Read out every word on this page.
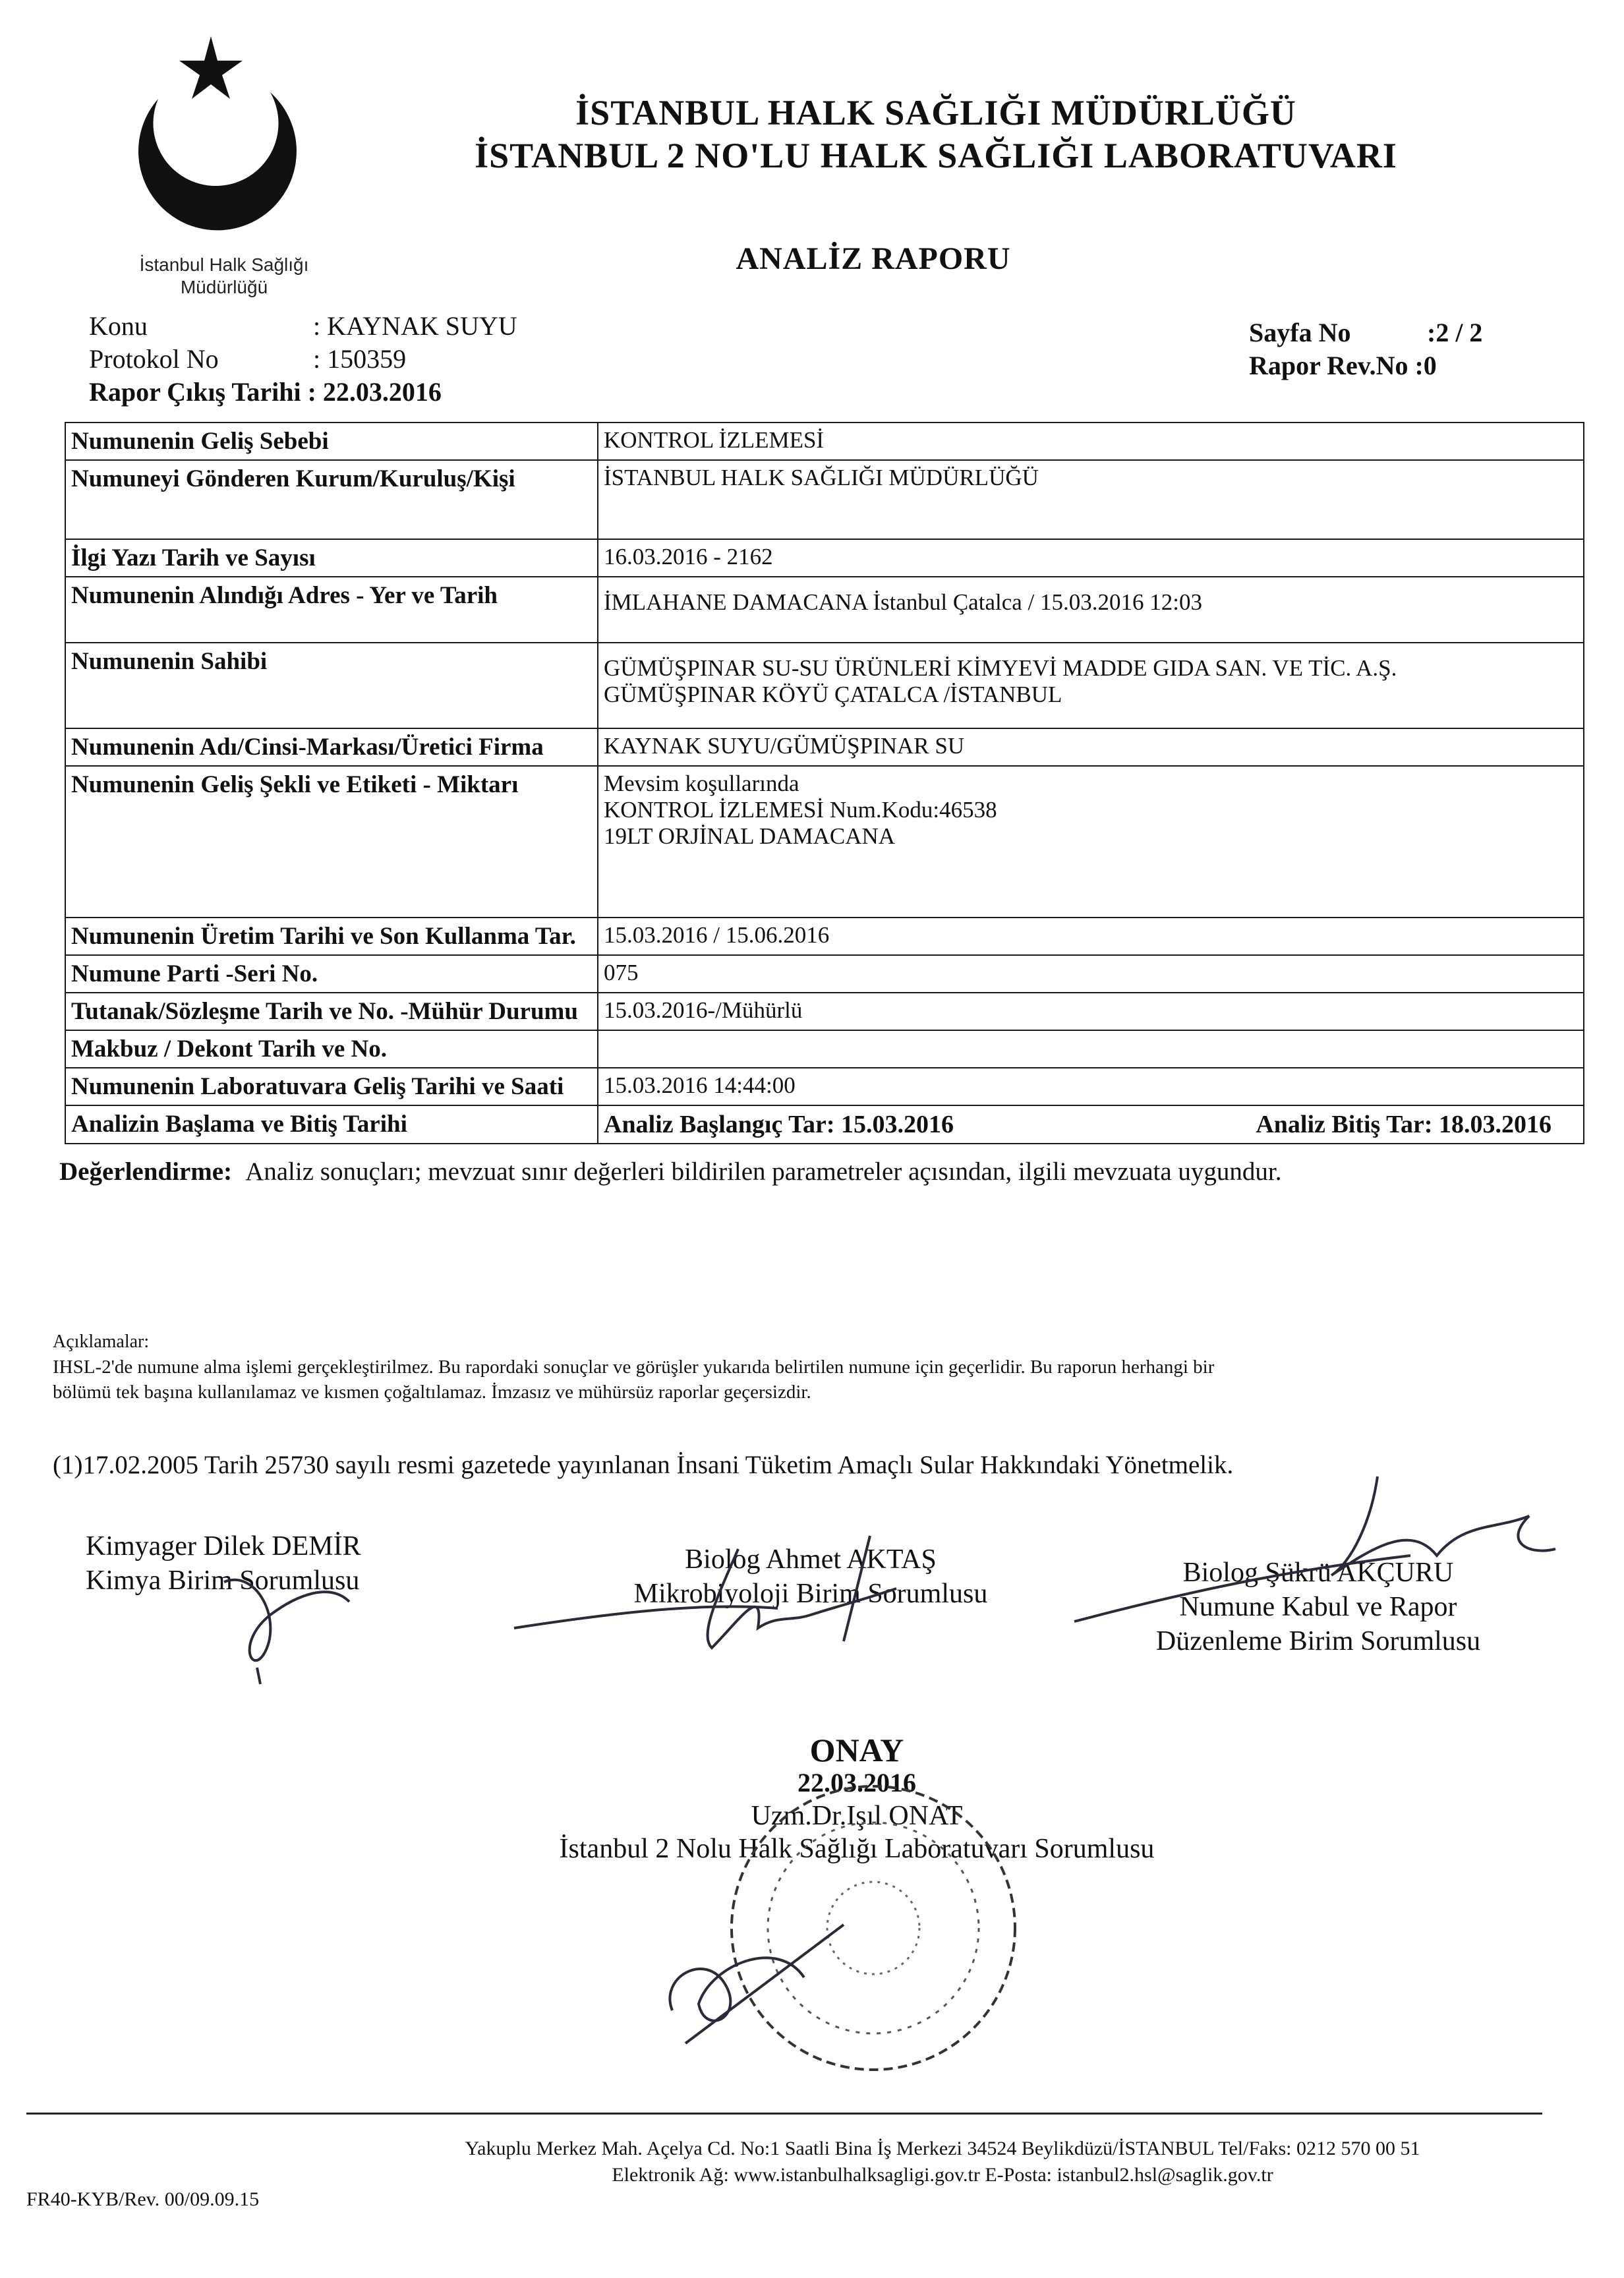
İstanbul Halk Sağlığı
Müdürlüğü
İSTANBUL HALK SAĞLIĞI MÜDÜRLÜĞÜ
İSTANBUL 2 NO'LU HALK SAĞLIĞI LABORATUVARI
ANALİZ RAPORU
Konu	: KAYNAK SUYU
Protokol No	: 150359
Rapor Çıkış Tarihi : 22.03.2016
Sayfa No	:2 / 2
Rapor Rev.No :0
Numunenin Geliş Sebebi	KONTROL İZLEMESİ
Numuneyi Gönderen Kurum/Kuruluş/Kişi	İSTANBUL HALK SAĞLIĞI MÜDÜRLÜĞÜ
İlgi Yazı Tarih ve Sayısı	16.03.2016 - 2162
Numunenin Alındığı Adres - Yer ve Tarih	İMLAHANE DAMACANA İstanbul Çatalca / 15.03.2016 12:03
Numunenin Sahibi	GÜMÜŞPINAR SU-SU ÜRÜNLERİ KİMYEVİ MADDE GIDA SAN. VE TİC. A.Ş.
GÜMÜŞPINAR KÖYÜ ÇATALCA /İSTANBUL

Numunenin Adı/Cinsi-Markası/Üretici Firma	KAYNAK SUYU/GÜMÜŞPINAR SU
Numunenin Geliş Şekli ve Etiketi - Miktarı	Mevsim koşullarında
KONTROL İZLEMESİ Num.Kodu:46538
19LT ORJİNAL DAMACANA

Numunenin Üretim Tarihi ve Son Kullanma Tar.	15.03.2016 / 15.06.2016
Numune Parti -Seri No.	075
Tutanak/Sözleşme Tarih ve No. -Mühür Durumu	15.03.2016-/Mühürlü
Makbuz / Dekont Tarih ve No.	
Numunenin Laboratuvara Geliş Tarihi ve Saati	15.03.2016 14:44:00
Analizin Başlama ve Bitiş Tarihi	Analiz Başlangıç Tar: 15.03.2016 Analiz Bitiş Tar: 18.03.2016
Değerlendirme: Analiz sonuçları; mevzuat sınır değerleri bildirilen parametreler açısından, ilgili mevzuata uygundur.
Açıklamalar:
IHSL-2'de numune alma işlemi gerçekleştirilmez. Bu rapordaki sonuçlar ve görüşler yukarıda belirtilen numune için geçerlidir. Bu raporun herhangi bir
bölümü tek başına kullanılamaz ve kısmen çoğaltılamaz. İmzasız ve mühürsüz raporlar geçersizdir.
(1)17.02.2005 Tarih 25730 sayılı resmi gazetede yayınlanan İnsani Tüketim Amaçlı Sular Hakkındaki Yönetmelik.
Kimyager Dilek DEMİR
Kimya Birim Sorumlusu
Biolog Ahmet AKTAŞ
Mikrobiyoloji Birim Sorumlusu
Biolog Şükrü AKÇURU
Numune Kabul ve Rapor
Düzenleme Birim Sorumlusu
ONAY
22.03.2016
Uzm.Dr.Işıl ONAT
İstanbul 2 Nolu Halk Sağlığı Laboratuvarı Sorumlusu
Yakuplu Merkez Mah. Açelya Cd. No:1 Saatli Bina İş Merkezi 34524 Beylikdüzü/İSTANBUL Tel/Faks: 0212 570 00 51
Elektronik Ağ: www.istanbulhalksagligi.gov.tr E-Posta: istanbul2.hsl@saglik.gov.tr
FR40-KYB/Rev. 00/09.09.15
